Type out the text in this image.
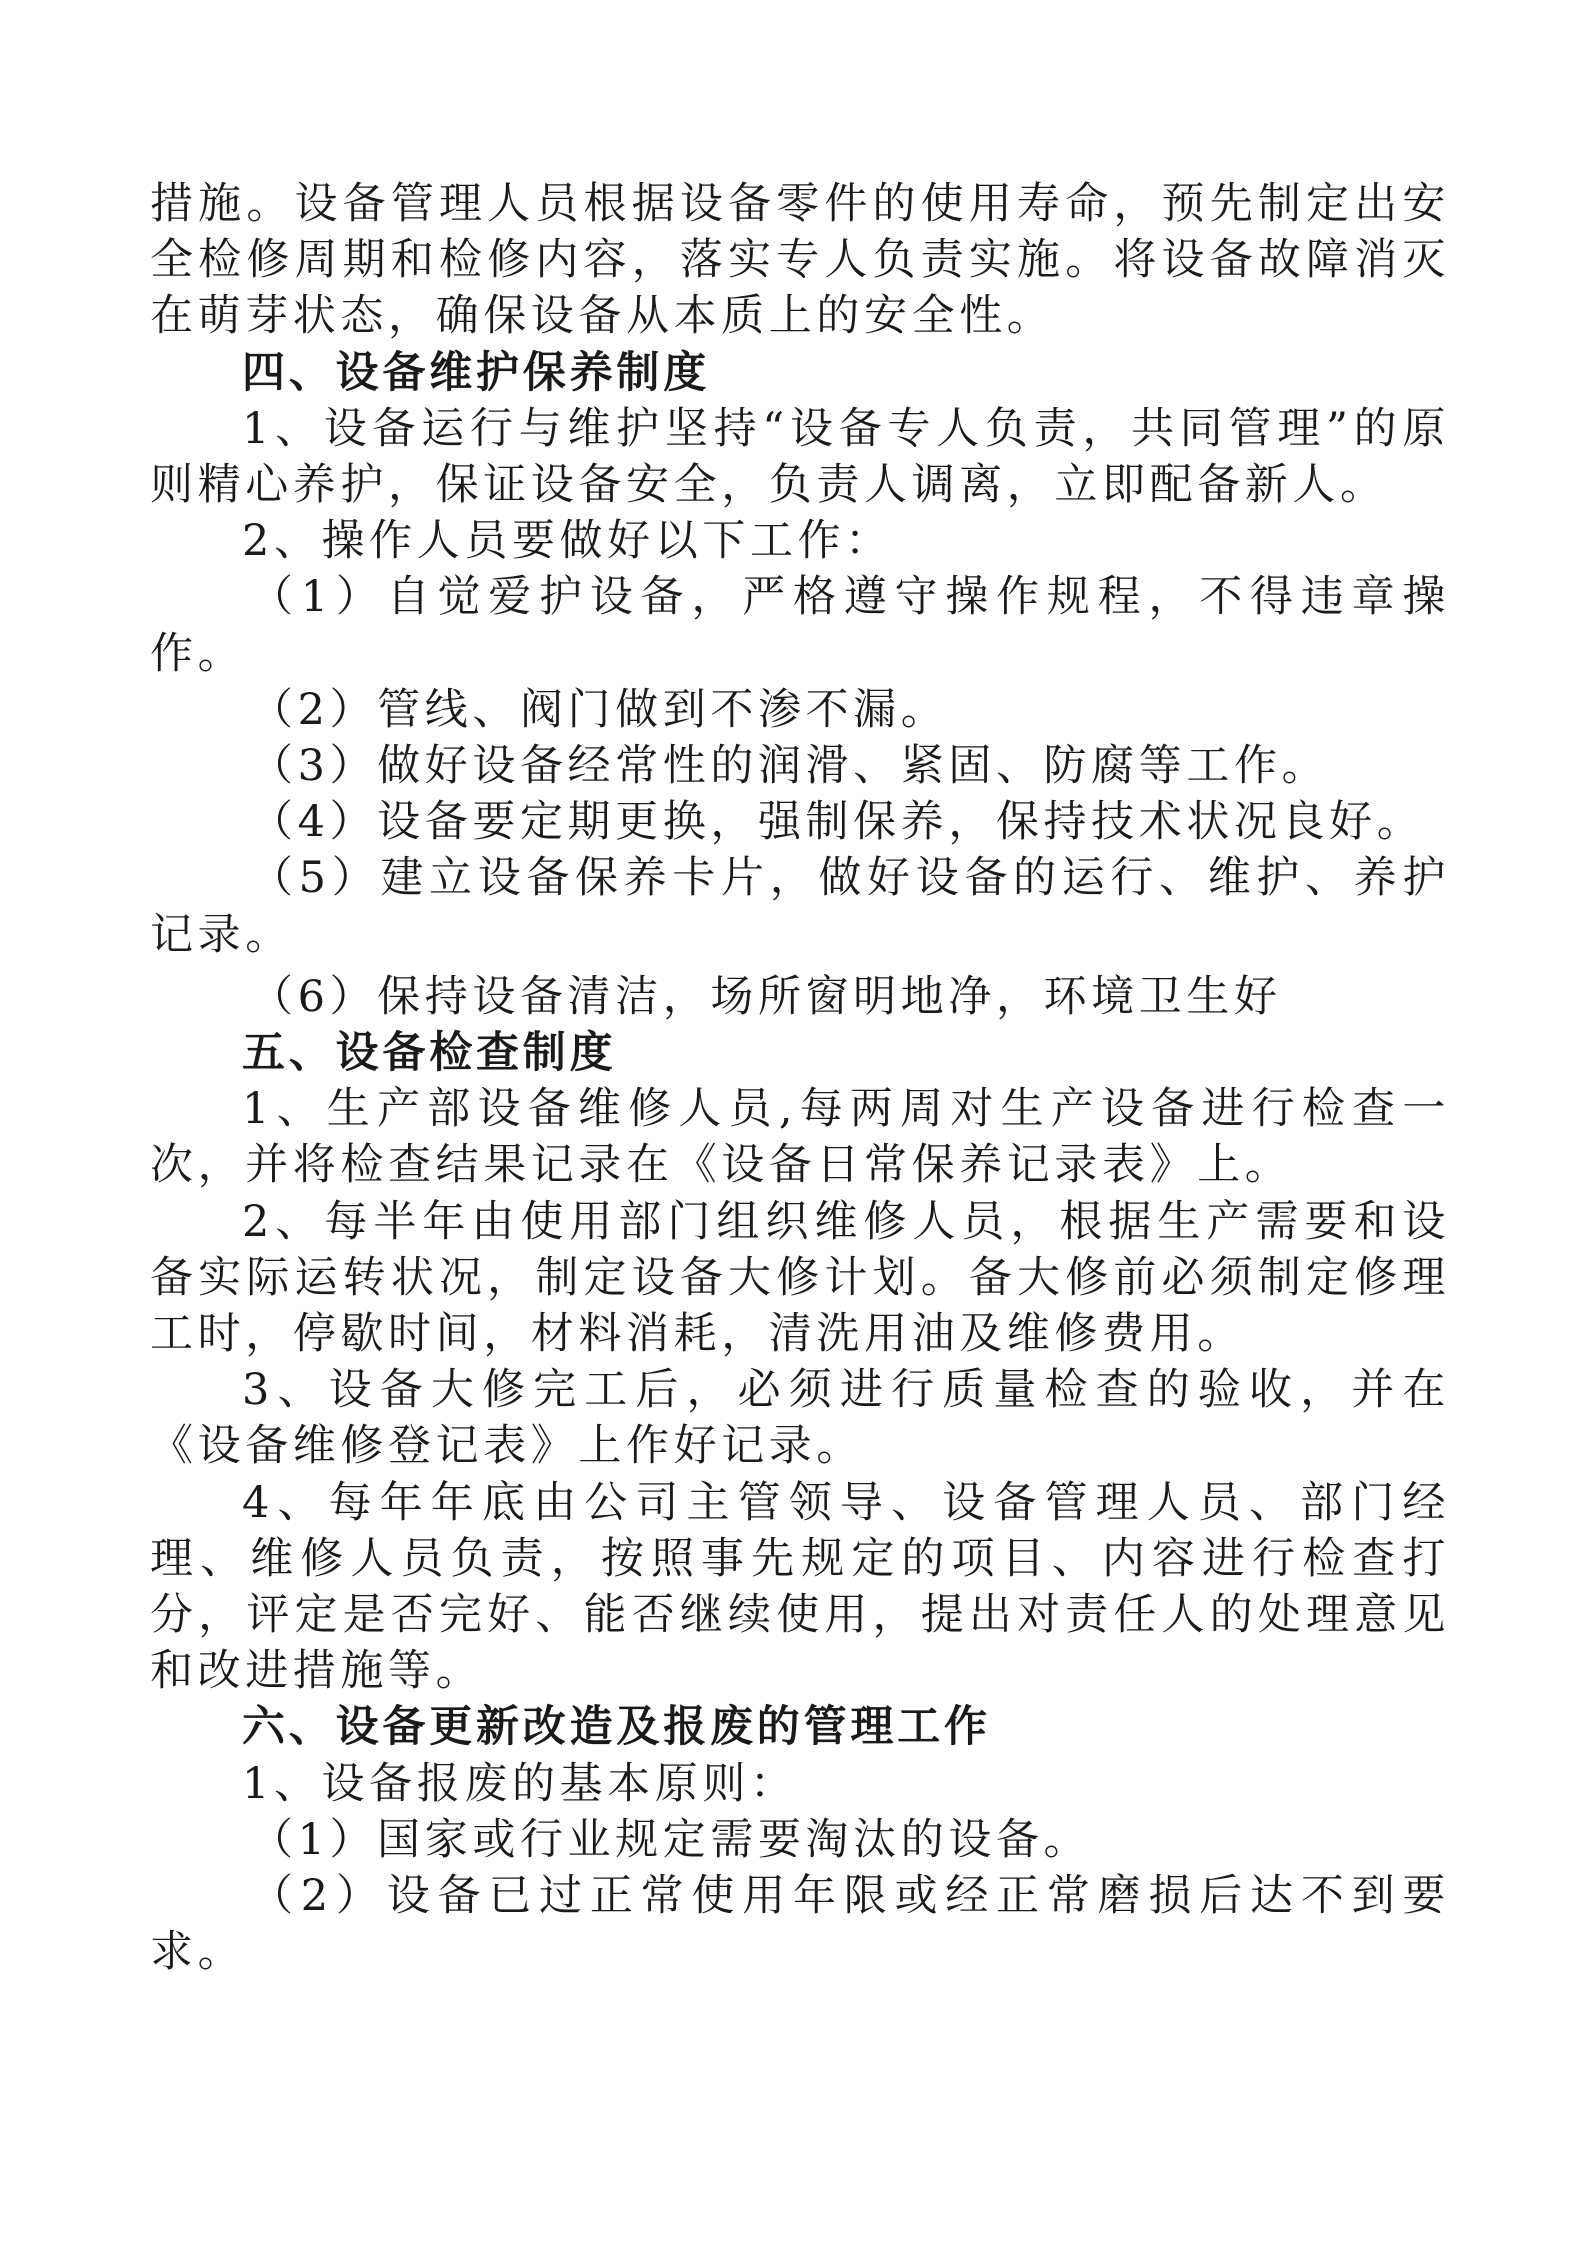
措施。设备管理人员根据设备零件的使用寿命，预先制定出安全检修周期和检修内容，落实专人负责实施。将设备故障消灭在萌芽状态，确保设备从本质上的安全性。

四、设备维护保养制度

1、设备运行与维护坚持“设备专人负责，共同管理”的原则精心养护，保证设备安全，负责人调离，立即配备新人。

2、操作人员要做好以下工作：

（1）自觉爱护设备，严格遵守操作规程，不得违章操作。

（2）管线、阀门做到不渗不漏。

（3）做好设备经常性的润滑、紧固、防腐等工作。

（4）设备要定期更换，强制保养，保持技术状况良好。

（5）建立设备保养卡片，做好设备的运行、维护、养护记录。

（6）保持设备清洁，场所窗明地净，环境卫生好

五、设备检查制度

1、生产部设备维修人员,每两周对生产设备进行检查一次，并将检查结果记录在《设备日常保养记录表》上。

2、每半年由使用部门组织维修人员，根据生产需要和设备实际运转状况，制定设备大修计划。备大修前必须制定修理工时，停歇时间，材料消耗，清洗用油及维修费用。

3、设备大修完工后，必须进行质量检查的验收，并在《设备维修登记表》上作好记录。

4、每年年底由公司主管领导、设备管理人员、部门经理、维修人员负责，按照事先规定的项目、内容进行检查打分，评定是否完好、能否继续使用，提出对责任人的处理意见和改进措施等。

六、设备更新改造及报废的管理工作

1、设备报废的基本原则：

（1）国家或行业规定需要淘汰的设备。

（2）设备已过正常使用年限或经正常磨损后达不到要求。
